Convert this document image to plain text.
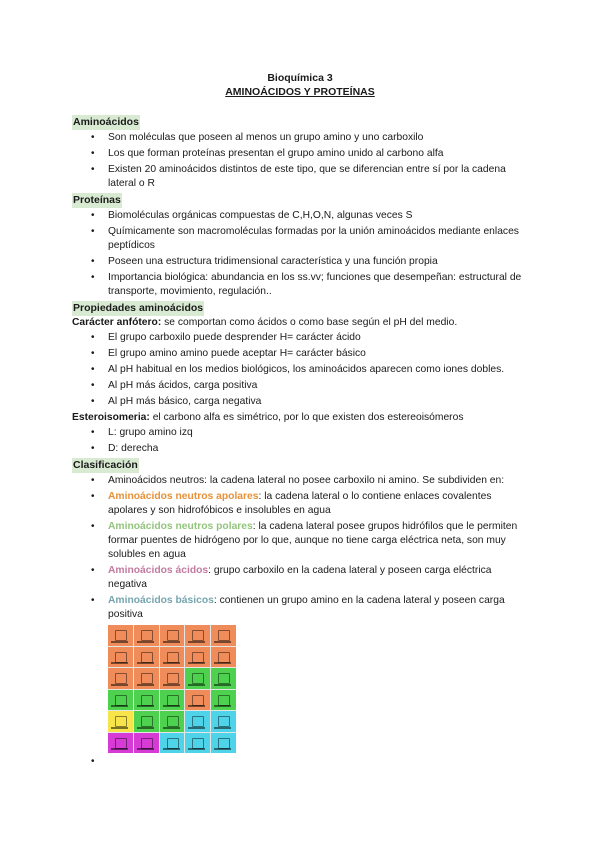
Bioquímica 3
AMINOÁCIDOS Y PROTEÍNAS
Aminoácidos
• Son moléculas que poseen al menos un grupo amino y uno carboxilo
• Los que forman proteínas presentan el grupo amino unido al carbono alfa
• Existen 20 aminoácidos distintos de este tipo, que se diferencian entre sí por la cadena lateral o R
Proteínas
• Biomoléculas orgánicas compuestas de C,H,O,N, algunas veces S
• Químicamente son macromoléculas formadas por la unión aminoácidos mediante enlaces peptídicos
• Poseen una estructura tridimensional característica y una función propia
• Importancia biológica: abundancia en los ss.vv; funciones que desempeñan: estructural de transporte, movimiento, regulación..
Propiedades aminoácidos

Carácter anfótero: se comportan como ácidos o como base según el pH del medio.

• El grupo carboxilo puede desprender H= carácter ácido
• El grupo amino amino puede aceptar H= carácter básico
• Al pH habitual en los medios biológicos, los aminoácidos aparecen como iones dobles.
• Al pH más ácidos, carga positiva
• Al pH más básico, carga negativa

Esteroisomeria: el carbono alfa es simétrico, por lo que existen dos estereoisómeros

• L: grupo amino izq
• D: derecha
Clasificación
• Aminoácidos neutros: la cadena lateral no posee carboxilo ni amino. Se subdividen en:
• Aminoácidos neutros apolares: la cadena lateral o lo contiene enlaces covalentes apolares y son hidrofóbicos e insolubles en agua
• Aminoácidos neutros polares: la cadena lateral posee grupos hidrófilos que le permiten formar puentes de hidrógeno por lo que, aunque no tiene carga eléctrica neta, son muy solubles en agua
• Aminoácidos ácidos: grupo carboxilo en la cadena lateral y poseen carga eléctrica negativa
• Aminoácidos básicos: contienen un grupo amino en la cadena lateral y poseen carga positiva
